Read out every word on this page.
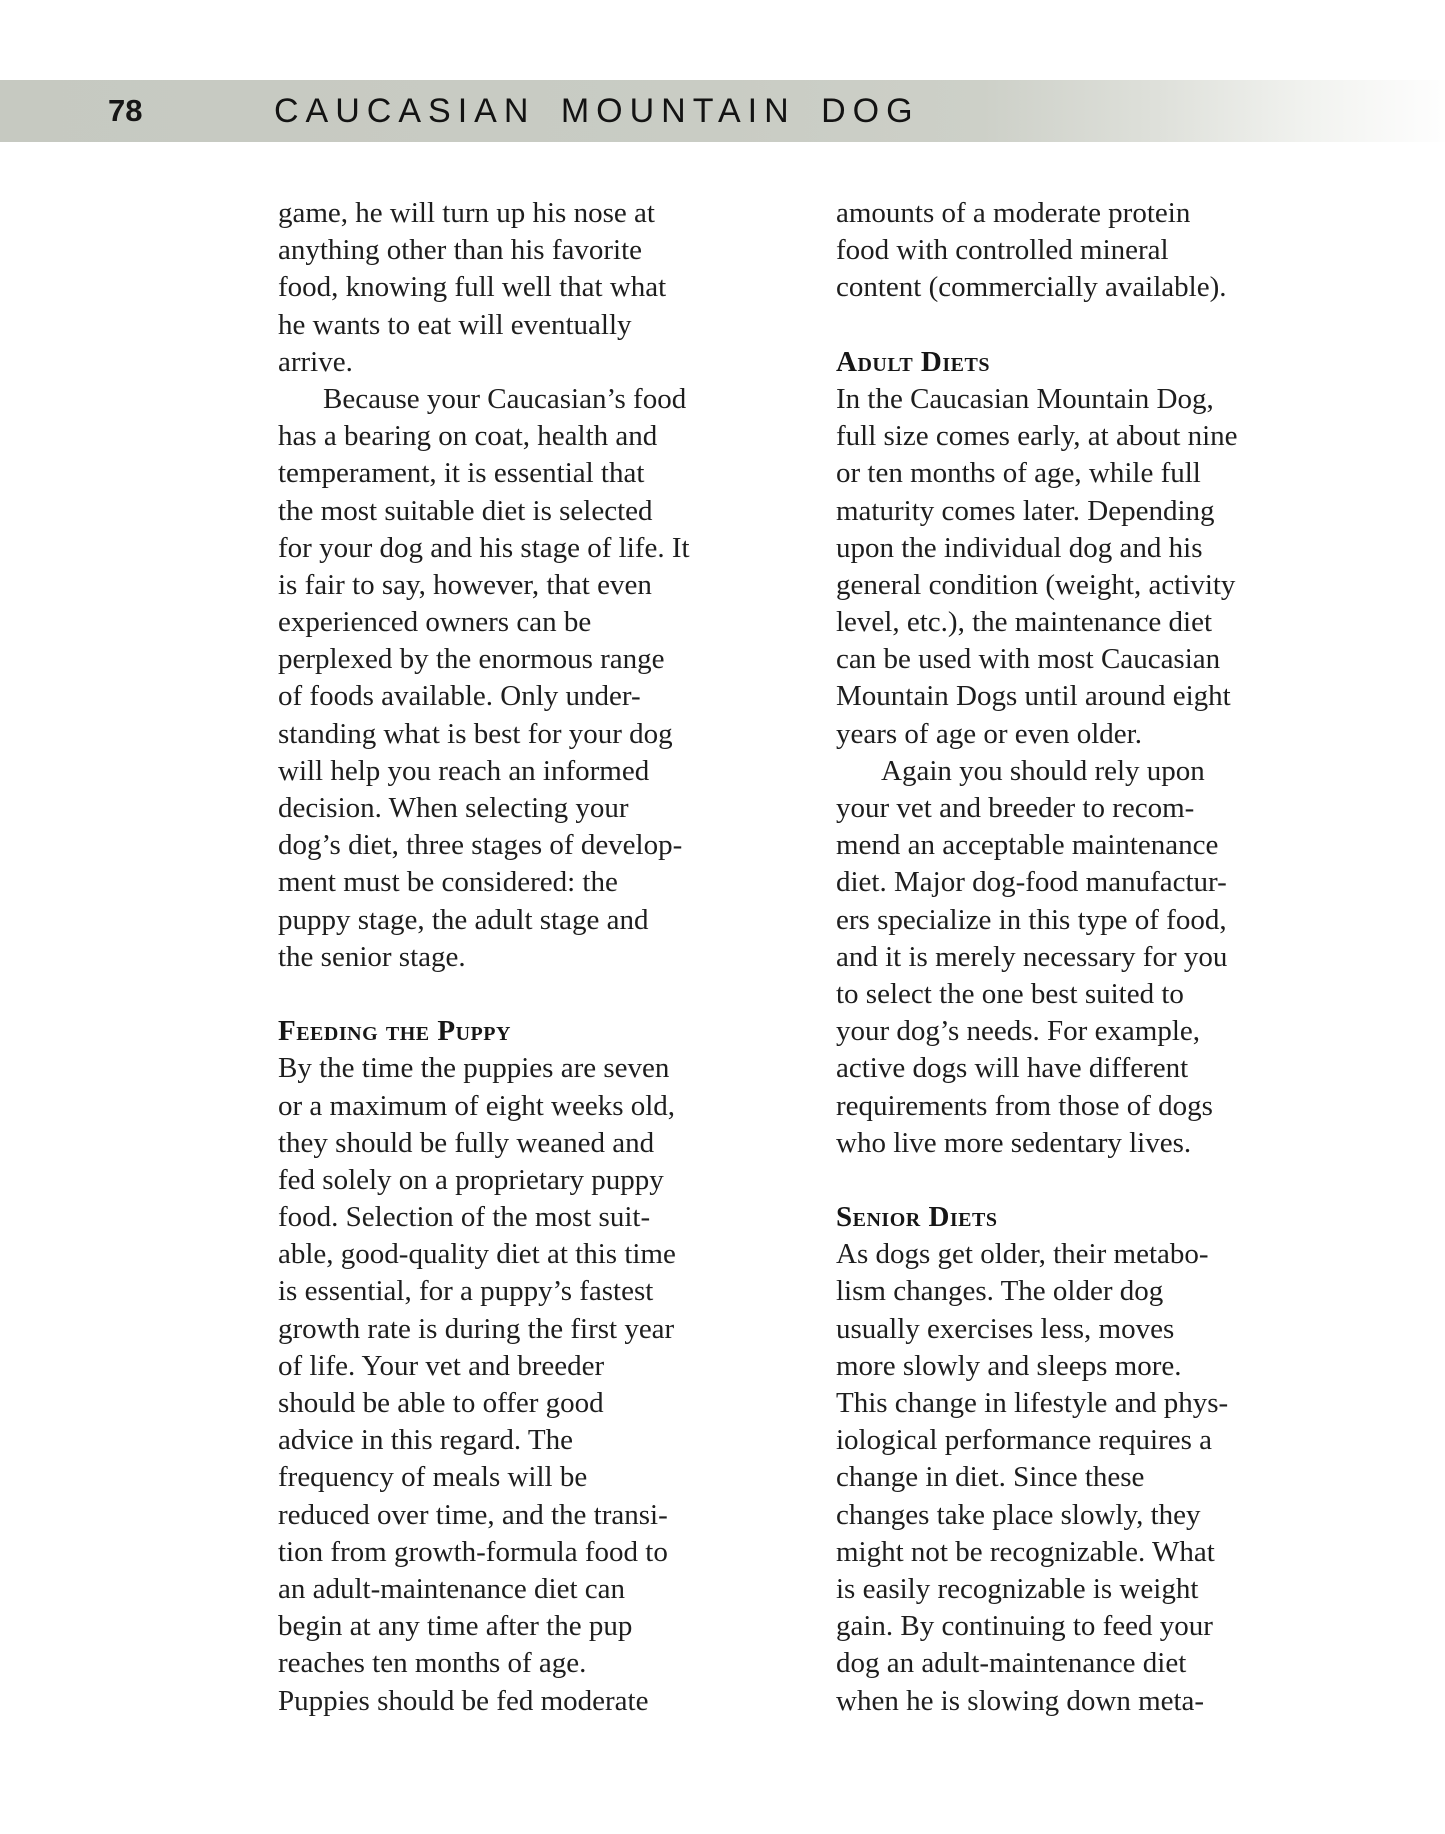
78	CAUCASIAN MOUNTAIN DOG
game, he will turn up his nose at
anything other than his favorite
food, knowing full well that what
he wants to eat will eventually
arrive.
Because your Caucasian’s food
has a bearing on coat, health and
temperament, it is essential that
the most suitable diet is selected
for your dog and his stage of life. It
is fair to say, however, that even
experienced owners can be
perplexed by the enormous range
of foods available. Only under-
standing what is best for your dog
will help you reach an informed
decision. When selecting your
dog’s diet, three stages of develop-
ment must be considered: the
puppy stage, the adult stage and
the senior stage.
Feeding the Puppy
By the time the puppies are seven
or a maximum of eight weeks old,
they should be fully weaned and
fed solely on a proprietary puppy
food. Selection of the most suit-
able, good-quality diet at this time
is essential, for a puppy’s fastest
growth rate is during the first year
of life. Your vet and breeder
should be able to offer good
advice in this regard. The
frequency of meals will be
reduced over time, and the transi-
tion from growth-formula food to
an adult-maintenance diet can
begin at any time after the pup
reaches ten months of age.
Puppies should be fed moderate
amounts of a moderate protein
food with controlled mineral
content (commercially available).
Adult Diets
In the Caucasian Mountain Dog,
full size comes early, at about nine
or ten months of age, while full
maturity comes later. Depending
upon the individual dog and his
general condition (weight, activity
level, etc.), the maintenance diet
can be used with most Caucasian
Mountain Dogs until around eight
years of age or even older.
Again you should rely upon
your vet and breeder to recom-
mend an acceptable maintenance
diet. Major dog-food manufactur-
ers specialize in this type of food,
and it is merely necessary for you
to select the one best suited to
your dog’s needs. For example,
active dogs will have different
requirements from those of dogs
who live more sedentary lives.
Senior Diets
As dogs get older, their metabo-
lism changes. The older dog
usually exercises less, moves
more slowly and sleeps more.
This change in lifestyle and phys-
iological performance requires a
change in diet. Since these
changes take place slowly, they
might not be recognizable. What
is easily recognizable is weight
gain. By continuing to feed your
dog an adult-maintenance diet
when he is slowing down meta-
